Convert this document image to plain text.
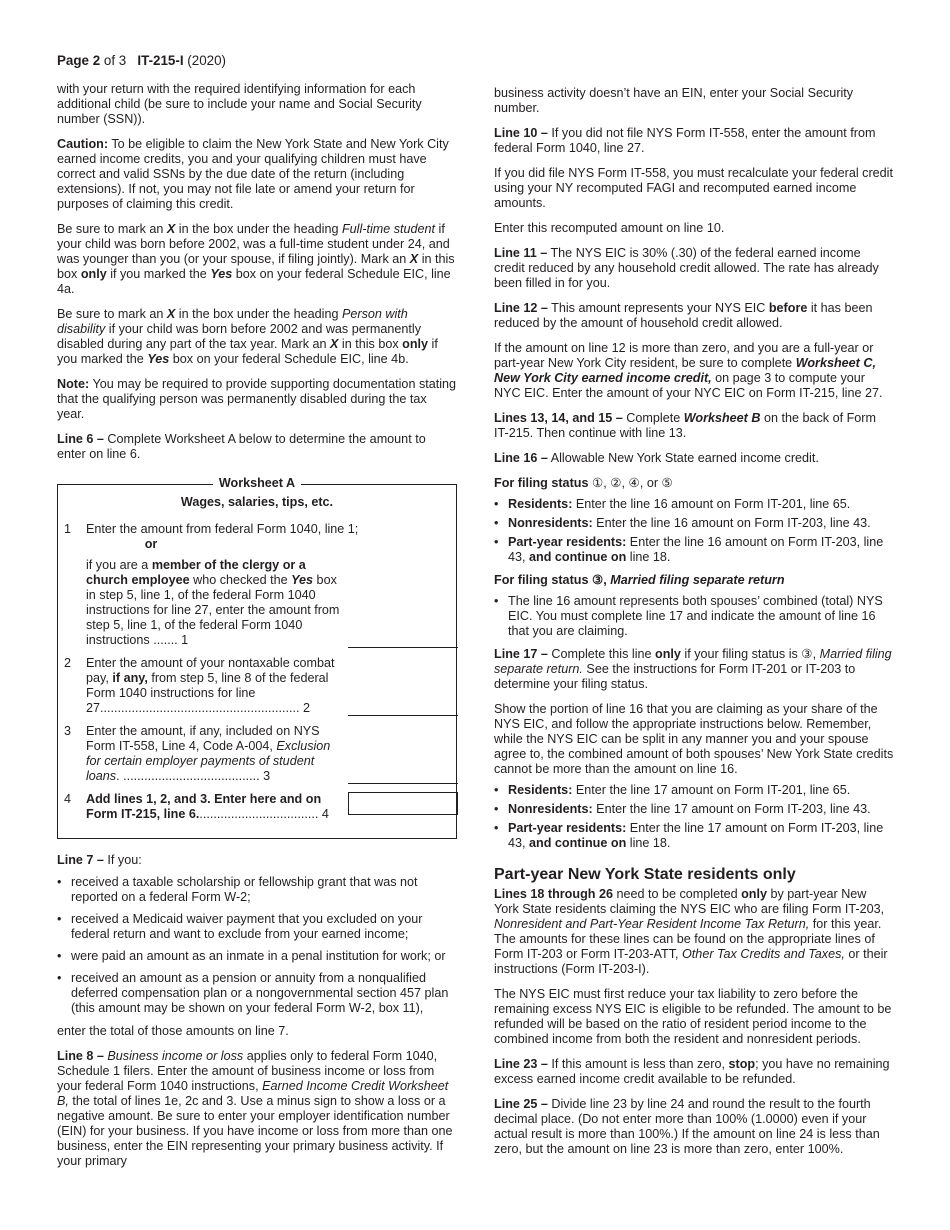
Page 2 of 3   IT-215-I (2020)

with your return with the required identifying information for each additional child (be sure to include your name and Social Security number (SSN)).

Caution: To be eligible to claim the New York State and New York City earned income credits, you and your qualifying children must have correct and valid SSNs by the due date of the return (including extensions). If not, you may not file late or amend your return for purposes of claiming this credit.

Be sure to mark an X in the box under the heading Full-time student if your child was born before 2002, was a full-time student under 24, and was younger than you (or your spouse, if filing jointly). Mark an X in this box only if you marked the Yes box on your federal Schedule EIC, line 4a.

Be sure to mark an X in the box under the heading Person with disability if your child was born before 2002 and was permanently disabled during any part of the tax year. Mark an X in this box only if you marked the Yes box on your federal Schedule EIC, line 4b.

Note: You may be required to provide supporting documentation stating that the qualifying person was permanently disabled during the tax year.

Line 6 – Complete Worksheet A below to determine the amount to enter on line 6.

Worksheet A
Wages, salaries, tips, etc.
1 Enter the amount from federal Form 1040, line 1;
or
if you are a member of the clergy or a church employee who checked the Yes box in step 5, line 1, of the federal Form 1040 instructions for line 27, enter the amount from step 5, line 1, of the federal Form 1040 instructions ....... 1
2 Enter the amount of your nontaxable combat pay, if any, from step 5, line 8 of the federal Form 1040 instructions for line 27......................................................... 2
3 Enter the amount, if any, included on NYS Form IT-558, Line 4, Code A-004, Exclusion for certain employer payments of student loans. ....................................... 3
4 Add lines 1, 2, and 3. Enter here and on Form IT-215, line 6................................... 4

Line 7 – If you:

• received a taxable scholarship or fellowship grant that was not reported on a federal Form W-2;
• received a Medicaid waiver payment that you excluded on your federal return and want to exclude from your earned income;
• were paid an amount as an inmate in a penal institution for work; or
• received an amount as a pension or annuity from a nonqualified deferred compensation plan or a nongovernmental section 457 plan (this amount may be shown on your federal Form W-2, box 11),

enter the total of those amounts on line 7.

Line 8 – Business income or loss applies only to federal Form 1040, Schedule 1 filers. Enter the amount of business income or loss from your federal Form 1040 instructions, Earned Income Credit Worksheet B, the total of lines 1e, 2c and 3. Use a minus sign to show a loss or a negative amount. Be sure to enter your employer identification number (EIN) for your business. If you have income or loss from more than one business, enter the EIN representing your primary business activity. If your primary

business activity doesn’t have an EIN, enter your Social Security number.

Line 10 – If you did not file NYS Form IT-558, enter the amount from federal Form 1040, line 27.

If you did file NYS Form IT-558, you must recalculate your federal credit using your NY recomputed FAGI and recomputed earned income amounts.

Enter this recomputed amount on line 10.

Line 11 – The NYS EIC is 30% (.30) of the federal earned income credit reduced by any household credit allowed. The rate has already been filled in for you.

Line 12 – This amount represents your NYS EIC before it has been reduced by the amount of household credit allowed.

If the amount on line 12 is more than zero, and you are a full-year or part-year New York City resident, be sure to complete Worksheet C, New York City earned income credit, on page 3 to compute your NYC EIC. Enter the amount of your NYC EIC on Form IT-215, line 27.

Lines 13, 14, and 15 – Complete Worksheet B on the back of Form IT-215. Then continue with line 13.

Line 16 – Allowable New York State earned income credit.

For filing status ①, ②, ④, or ⑤

• Residents: Enter the line 16 amount on Form IT-201, line 65.
• Nonresidents: Enter the line 16 amount on Form IT-203, line 43.
• Part-year residents: Enter the line 16 amount on Form IT-203, line 43, and continue on line 18.

For filing status ③, Married filing separate return

• The line 16 amount represents both spouses’ combined (total) NYS EIC. You must complete line 17 and indicate the amount of line 16 that you are claiming.

Line 17 – Complete this line only if your filing status is ③, Married filing separate return. See the instructions for Form IT-201 or IT-203 to determine your filing status.

Show the portion of line 16 that you are claiming as your share of the NYS EIC, and follow the appropriate instructions below. Remember, while the NYS EIC can be split in any manner you and your spouse agree to, the combined amount of both spouses’ New York State credits cannot be more than the amount on line 16.

• Residents: Enter the line 17 amount on Form IT-201, line 65.
• Nonresidents: Enter the line 17 amount on Form IT-203, line 43.
• Part-year residents: Enter the line 17 amount on Form IT-203, line 43, and continue on line 18.
Part-year New York State residents only

Lines 18 through 26 need to be completed only by part-year New York State residents claiming the NYS EIC who are filing Form IT-203, Nonresident and Part-Year Resident Income Tax Return, for this year. The amounts for these lines can be found on the appropriate lines of Form IT-203 or Form IT-203-ATT, Other Tax Credits and Taxes, or their instructions (Form IT-203-I).

The NYS EIC must first reduce your tax liability to zero before the remaining excess NYS EIC is eligible to be refunded. The amount to be refunded will be based on the ratio of resident period income to the combined income from both the resident and nonresident periods.

Line 23 – If this amount is less than zero, stop; you have no remaining excess earned income credit available to be refunded.

Line 25 – Divide line 23 by line 24 and round the result to the fourth decimal place. (Do not enter more than 100% (1.0000) even if your actual result is more than 100%.) If the amount on line 24 is less than zero, but the amount on line 23 is more than zero, enter 100%.
